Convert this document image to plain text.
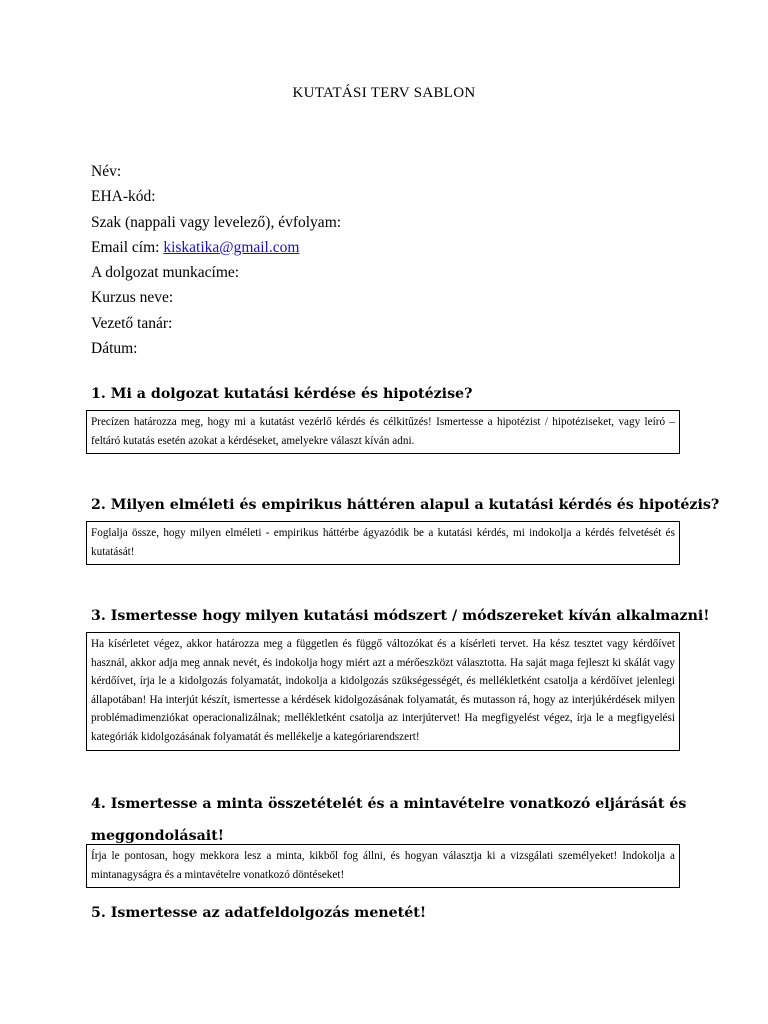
KUTATÁSI TERV SABLON
Név:
EHA-kód:
Szak (nappali vagy levelező), évfolyam:
Email cím: kiskatika@gmail.com
A dolgozat munkacíme:
Kurzus neve:
Vezető tanár:
Dátum:
1. Mi a dolgozat kutatási kérdése és hipotézise?
Precízen határozza meg, hogy mi a kutatást vezérlő kérdés és célkitűzés! Ismertesse a hipotézist / hipotéziseket, vagy leíró – feltáró kutatás esetén azokat a kérdéseket, amelyekre választ kíván adni.
2. Milyen elméleti és empirikus háttéren alapul a kutatási kérdés és hipotézis?
Foglalja össze, hogy milyen elméleti - empirikus háttérbe ágyazódik be a kutatási kérdés, mi indokolja a kérdés felvetését és kutatását!
3. Ismertesse hogy milyen kutatási módszert / módszereket kíván alkalmazni!
Ha kísérletet végez, akkor határozza meg a független és függő változókat és a kísérleti tervet. Ha kész tesztet vagy kérdőívet használ, akkor adja meg annak nevét, és indokolja hogy miért azt a mérőeszközt választotta. Ha saját maga fejleszt ki skálát vagy kérdőívet, írja le a kidolgozás folyamatát, indokolja a kidolgozás szükségességét, és mellékletként csatolja a kérdőívet jelenlegi állapotában! Ha interjút készít, ismertesse a kérdések kidolgozásának folyamatát, és mutasson rá, hogy az interjúkérdések milyen problémadimenziókat operacionalizálnak; mellékletként csatolja az interjútervet! Ha megfigyelést végez, írja le a megfigyelési kategóriák kidolgozásának folyamatát és mellékelje a kategóriarendszert!
4. Ismertesse a minta összetételét és a mintavételre vonatkozó eljárását és
meggondolásait!
Írja le pontosan, hogy mekkora lesz a minta, kikből fog állni, és hogyan választja ki a vizsgálati személyeket! Indokolja a mintanagyságra és a mintavételre vonatkozó döntéseket!
5. Ismertesse az adatfeldolgozás menetét!
